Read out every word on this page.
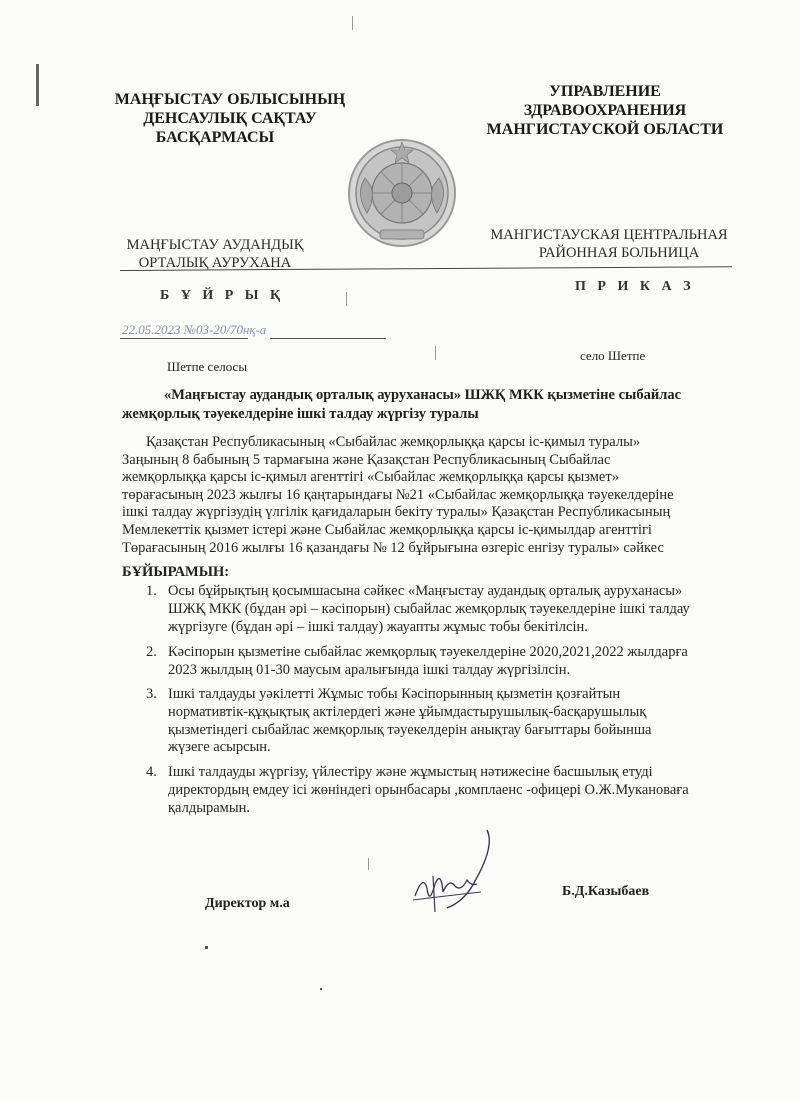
МАҢҒЫСТАУ ОБЛЫСЫНЫҢ
ДЕНСАУЛЫҚ САҚТАУ
БАСҚАРМАСЫ
УПРАВЛЕНИЕ
ЗДРАВООХРАНЕНИЯ
МАНГИСТАУСКОЙ ОБЛАСТИ
МАҢҒЫСТАУ АУДАНДЫҚ
ОРТАЛЫҚ АУРУХАНА
МАНГИСТАУСКАЯ ЦЕНТРАЛЬНАЯ
РАЙОННАЯ БОЛЬНИЦА
Б Ұ Й Р Ы Қ
П Р И К А З
22.05.2023 №03-20/70нқ-а
Шетпе селосы
село Шетпе
«Маңғыстау аудандық орталық ауруханасы» ШЖҚ МКК қызметіне сыбайлас
жемқорлық тәуекелдеріне ішкі талдау жүргізу туралы
Қазақстан Республикасының «Сыбайлас жемқорлыққа қарсы іс-қимыл туралы»
Заңының 8 бабының 5 тармағына және Қазақстан Республикасының Сыбайлас
жемқорлыққа қарсы іс-қимыл агенттігі «Сыбайлас жемқорлыққа қарсы қызмет»
төрағасының 2023 жылғы 16 қаңтарындағы №21 «Сыбайлас жемқорлыққа тәуекелдеріне
ішкі талдау жүргізудің үлгілік қағидаларын бекіту туралы» Қазақстан Республикасының
Мемлекеттік қызмет істері және Сыбайлас жемқорлыққа қарсы іс-қимылдар агенттігі
Төрағасының 2016 жылғы 16 қазандағы № 12 бұйрығына өзгеріс енгізу туралы» сәйкес
БҰЙЫРАМЫН:
1. Осы бұйрықтың қосымшасына сәйкес «Маңғыстау аудандық орталық ауруханасы»
ШЖҚ МКК (бұдан әрі – кәсіпорын) сыбайлас жемқорлық тәуекелдеріне ішкі талдау
жүргізуге (бұдан әрі – ішкі талдау) жауапты жұмыс тобы бекітілсін.
2. Кәсіпорын қызметіне сыбайлас жемқорлық тәуекелдеріне 2020,2021,2022 жылдарға
2023 жылдың 01-30 маусым аралығында ішкі талдау жүргізілсін.
3. Ішкі талдауды уәкілетті Жұмыс тобы Кәсіпорынның қызметін қозғайтын
нормативтік-құқықтық актілердегі және ұйымдастырушылық-басқарушылық
қызметіндегі сыбайлас жемқорлық тәуекелдерін анықтау бағыттары бойынша
жүзеге асырсын.
4. Ішкі талдауды жүргізу, үйлестіру және жұмыстың нәтижесіне басшылық етуді
директордың емдеу ісі жөніндегі орынбасары ,комплаенс -офицері О.Ж.Мукановаға
қалдырамын.
Директор м.а
Б.Д.Казыбаев
